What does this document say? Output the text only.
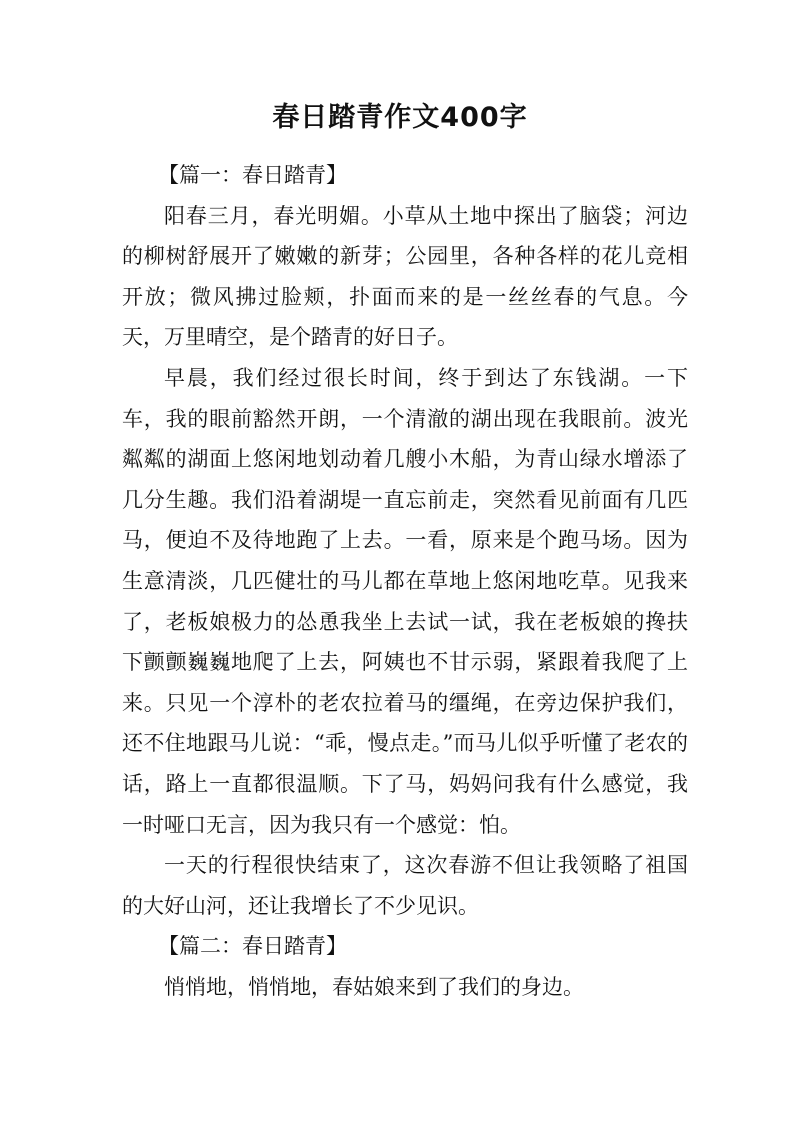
春日踏青作文400字

【篇一：春日踏青】

阳春三月，春光明媚。小草从土地中探出了脑袋；河边的柳树舒展开了嫩嫩的新芽；公园里，各种各样的花儿竞相开放；微风拂过脸颊，扑面而来的是一丝丝春的气息。今天，万里晴空，是个踏青的好日子。

早晨，我们经过很长时间，终于到达了东钱湖。一下车，我的眼前豁然开朗，一个清澈的湖出现在我眼前。波光粼粼的湖面上悠闲地划动着几艘小木船，为青山绿水增添了几分生趣。我们沿着湖堤一直忘前走，突然看见前面有几匹马，便迫不及待地跑了上去。一看，原来是个跑马场。因为生意清淡，几匹健壮的马儿都在草地上悠闲地吃草。见我来了，老板娘极力的怂恿我坐上去试一试，我在老板娘的搀扶下颤颤巍巍地爬了上去，阿姨也不甘示弱，紧跟着我爬了上来。只见一个淳朴的老农拉着马的缰绳，在旁边保护我们，还不住地跟马儿说：“乖，慢点走。”而马儿似乎听懂了老农的话，路上一直都很温顺。下了马，妈妈问我有什么感觉，我一时哑口无言，因为我只有一个感觉：怕。

一天的行程很快结束了，这次春游不但让我领略了祖国的大好山河，还让我增长了不少见识。

【篇二：春日踏青】

悄悄地，悄悄地，春姑娘来到了我们的身边。
